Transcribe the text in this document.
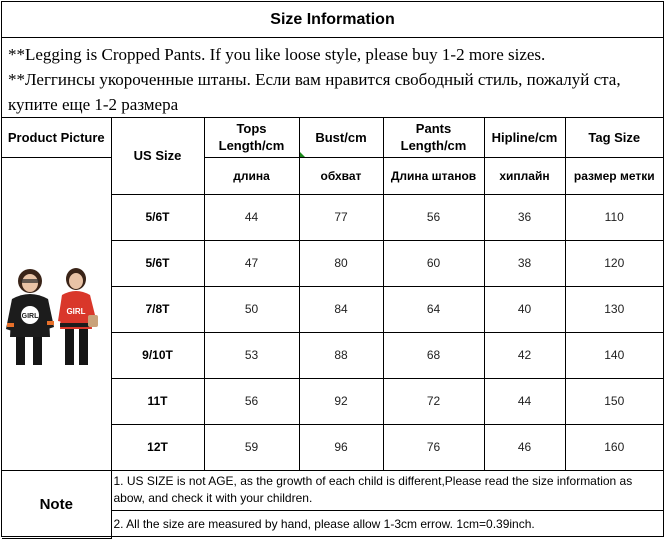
Size Information
**Legging is Cropped Pants. If you like loose style, please buy 1-2 more sizes.
**Леггинсы укороченные штаны. Если вам нравится свободный стиль, пожалуй ста, купите еще 1-2 размера
Product Picture	US Size	Tops Length/cm	Bust/cm	Pants Length/cm	Hipline/cm	Tag Size

GIRL
GIRL		длина	обхват	Длина штанов	хиплайн	размер метки
	5/6T	44	77	56	36	110
	5/6T	47	80	60	38	120
	7/8T	50	84	64	40	130
	9/10T	53	88	68	42	140
	11T	56	92	72	44	150
	12T	59	96	76	46	160
Note	1. US SIZE is not AGE, as the growth of each child is different,Please read the size information as abow, and check it with your children.					
	2. All the size are measured by hand, please allow 1-3cm errow. 1cm=0.39inch.					
